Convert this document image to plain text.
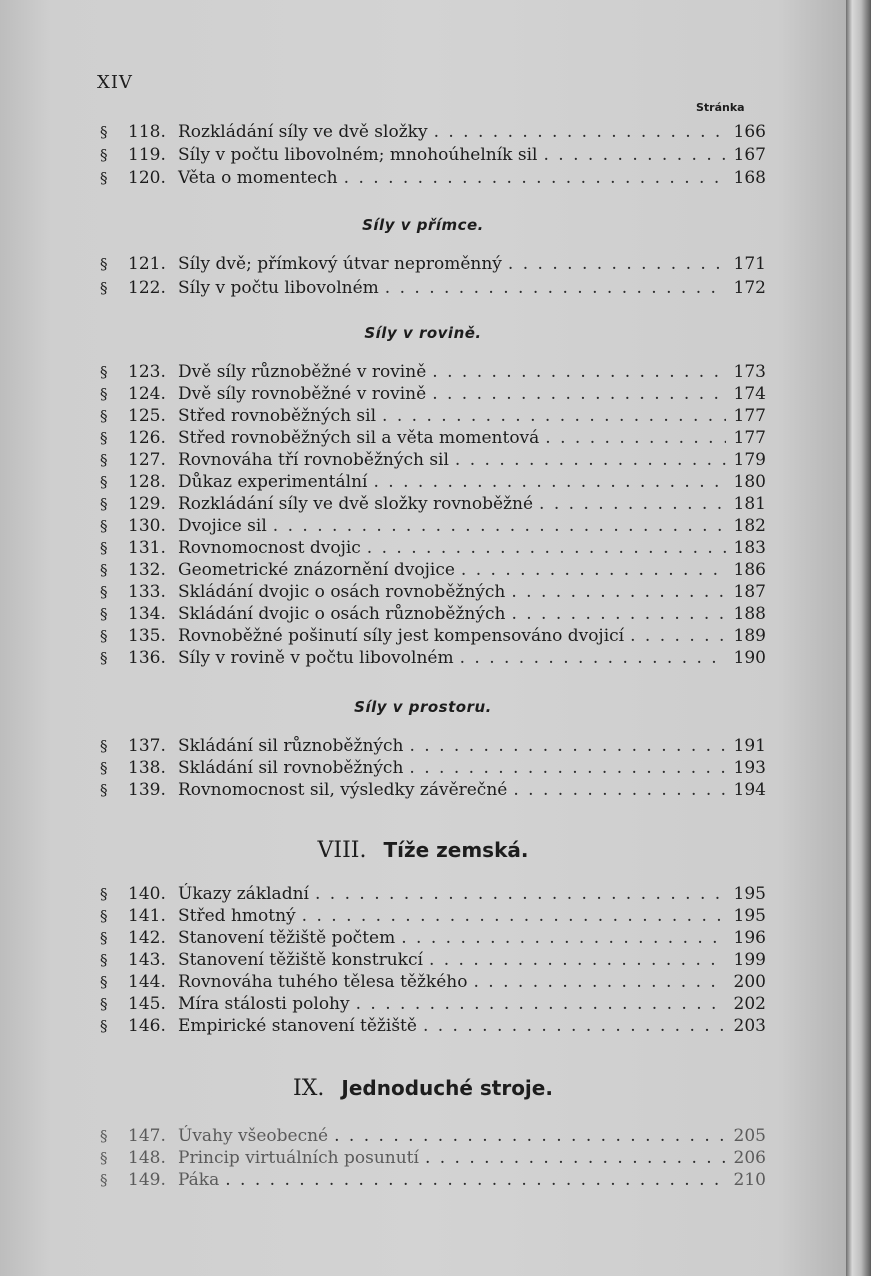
XIV
Stránka
§	118. Rozkládání síly ve dvě složky . . .	166
§	119. Síly v počtu libovolném; mnohoúhelník sil . . .	167
§	120. Věta o momentech . . .	168
Síly v přímce.
§	121. Síly dvě; přímkový útvar neproměnný . . .	171
§	122. Síly v počtu libovolném . . .	172
Síly v rovině.
§	123. Dvě síly různoběžné v rovině . . .	173
§	124. Dvě síly rovnoběžné v rovině . . .	174
§	125. Střed rovnoběžných sil . . .	177
§	126. Střed rovnoběžných sil a věta momentová . . .	177
§	127. Rovnováha tří rovnoběžných sil . . .	179
§	128. Důkaz experimentální . . .	180
§	129. Rozkládání síly ve dvě složky rovnoběžné . . .	181
§	130. Dvojice sil . . .	182
§	131. Rovnomocnost dvojic . . .	183
§	132. Geometrické znázornění dvojice . . .	186
§	133. Skládání dvojic o osách rovnoběžných . . .	187
§	134. Skládání dvojic o osách různoběžných . . .	188
§	135. Rovnoběžné pošinutí síly jest kompensováno dvojicí . . .	189
§	136. Síly v rovině v počtu libovolném . . .	190
Síly v prostoru.
§	137. Skládání sil různoběžných . . .	191
§	138. Skládání sil rovnoběžných . . .	193
§	139. Rovnomocnost sil, výsledky závěrečné . . .	194
VIII. Tíže zemská.
§	140. Úkazy základní . . .	195
§	141. Střed hmotný . . .	195
§	142. Stanovení těžiště počtem . . .	196
§	143. Stanovení těžiště konstrukcí . . .	199
§	144. Rovnováha tuhého tělesa těžkého . . .	200
§	145. Míra stálosti polohy . . .	202
§	146. Empirické stanovení těžiště . . .	203
IX. Jednoduché stroje.
§	147. Úvahy všeobecné . . .	205
§	148. Princip virtuálních posunutí . . .	206
§	149. Páka . . .	210
